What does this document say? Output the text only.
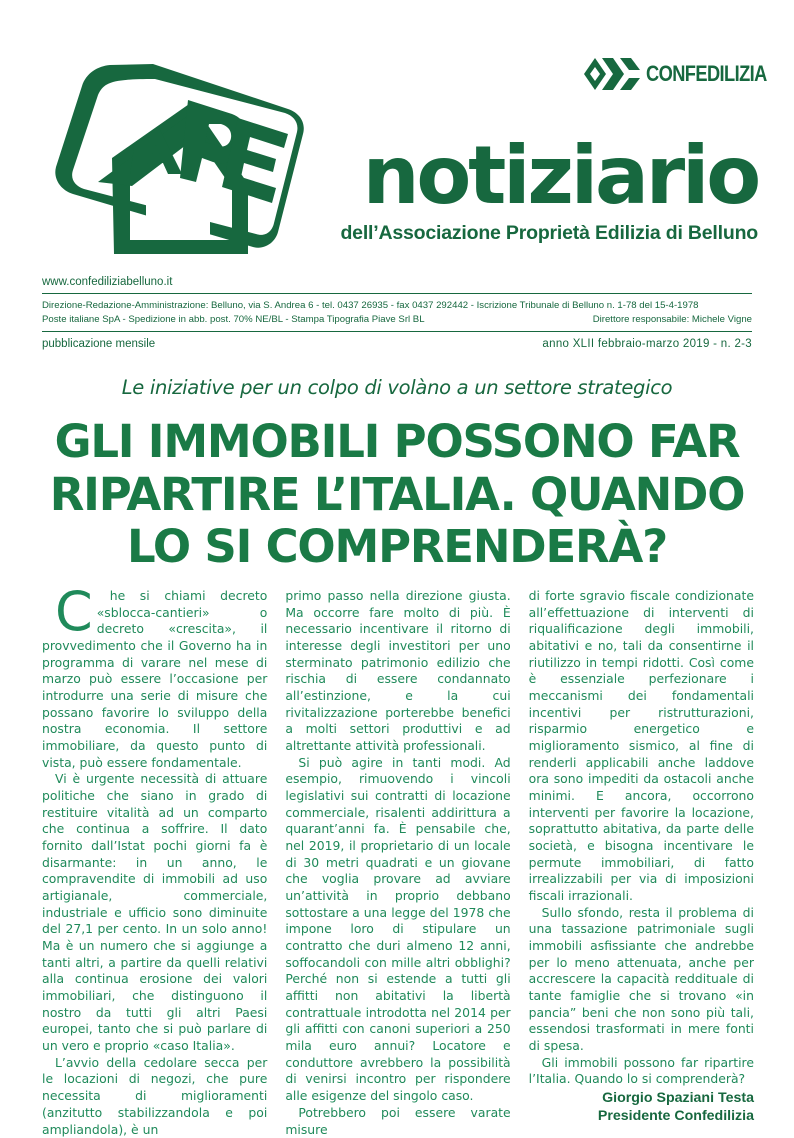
CONFEDILIZIA
notiziario
dell’Associazione Proprietà Edilizia di Belluno
www.confediliziabelluno.it
Direzione-Redazione-Amministrazione: Belluno, via S. Andrea 6 - tel. 0437 26935 - fax 0437 292442 - Iscrizione Tribunale di Belluno n. 1-78 del 15-4-1978
Poste italiane SpA - Spedizione in abb. post. 70% NE/BL - Stampa Tipografia Piave Srl BL	Direttore responsabile: Michele Vigne
pubblicazione mensile	anno XLII febbraio-marzo 2019 - n. 2-3
Le iniziative per un colpo di volàno a un settore strategico
GLI IMMOBILI POSSONO FAR
RIPARTIRE L’ITALIA. QUANDO
LO SI COMPRENDERÀ?

Che si chiami decreto «sblocca-cantieri» o decreto «crescita», il provvedimento che il Governo ha in programma di varare nel mese di marzo può essere l’occasione per introdurre una serie di misure che possano favorire lo sviluppo della nostra economia. Il settore immobiliare, da questo punto di vista, può essere fondamentale.

Vi è urgente necessità di attuare politiche che siano in grado di restituire vitalità ad un comparto che continua a soffrire. Il dato fornito dall’Istat pochi giorni fa è disarmante: in un anno, le compravendite di immobili ad uso artigianale, commerciale, industriale e ufficio sono diminuite del 27,1 per cento. In un solo anno! Ma è un numero che si aggiunge a tanti altri, a partire da quelli relativi alla continua erosione dei valori immobiliari, che distinguono il nostro da tutti gli altri Paesi europei, tanto che si può parlare di un vero e proprio «caso Italia».

L’avvio della cedolare secca per le locazioni di negozi, che pure necessita di miglioramenti (anzitutto stabilizzandola e poi ampliandola), è un

primo passo nella direzione giusta. Ma occorre fare molto di più. È necessario incentivare il ritorno di interesse degli investitori per uno sterminato patrimonio edilizio che rischia di essere condannato all’estinzione, e la cui rivitalizzazione porterebbe benefici a molti settori produttivi e ad altrettante attività professionali.

Si può agire in tanti modi. Ad esempio, rimuovendo i vincoli legislativi sui contratti di locazione commerciale, risalenti addirittura a quarant’anni fa. È pensabile che, nel 2019, il proprietario di un locale di 30 metri quadrati e un giovane che voglia provare ad avviare un’attività in proprio debbano sottostare a una legge del 1978 che impone loro di stipulare un contratto che duri almeno 12 anni, soffocandoli con mille altri obblighi? Perché non si estende a tutti gli affitti non abitativi la libertà contrattuale introdotta nel 2014 per gli affitti con canoni superiori a 250 mila euro annui? Locatore e conduttore avrebbero la possibilità di venirsi incontro per rispondere alle esigenze del singolo caso.

Potrebbero poi essere varate misure

di forte sgravio fiscale condizionate all’effettuazione di interventi di riqualificazione degli immobili, abitativi e no, tali da consentirne il riutilizzo in tempi ridotti. Così come è essenziale perfezionare i meccanismi dei fondamentali incentivi per ristrutturazioni, risparmio energetico e miglioramento sismico, al fine di renderli applicabili anche laddove ora sono impediti da ostacoli anche minimi. E ancora, occorrono interventi per favorire la locazione, soprattutto abitativa, da parte delle società, e bisogna incentivare le permute immobiliari, di fatto irrealizzabili per via di imposizioni fiscali irrazionali.

Sullo sfondo, resta il problema di una tassazione patrimoniale sugli immobili asfissiante che andrebbe per lo meno attenuata, anche per accrescere la capacità reddituale di tante famiglie che si trovano «in pancia” beni che non sono più tali, essendosi trasformati in mere fonti di spesa.

Gli immobili possono far ripartire l’Italia. Quando lo si comprenderà?

Giorgio Spaziani Testa
Presidente Confedilizia
